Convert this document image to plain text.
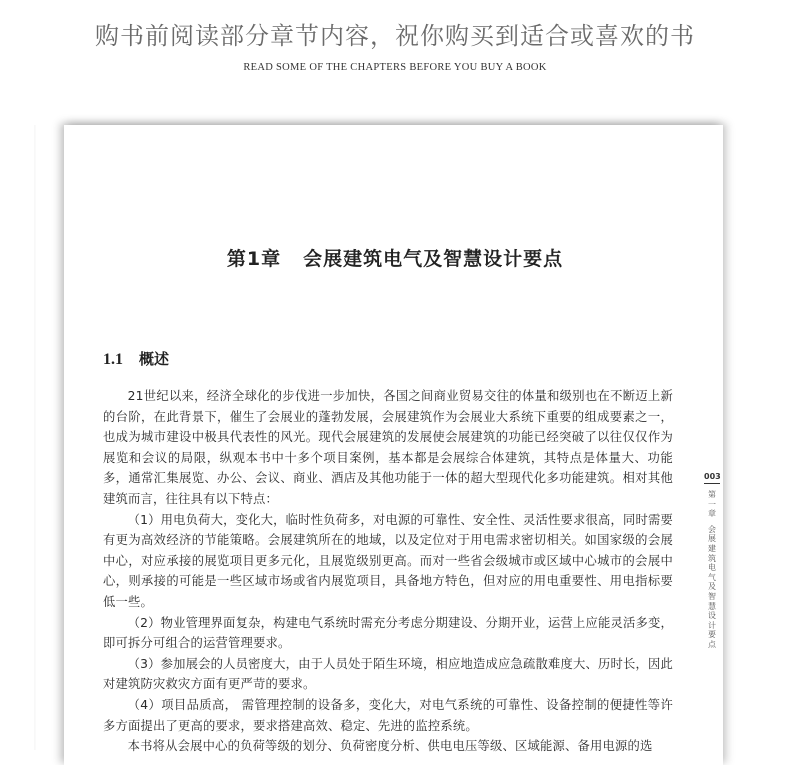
购书前阅读部分章节内容，祝你购买到适合或喜欢的书
READ SOME OF THE CHAPTERS BEFORE YOU BUY A BOOK
第1章 会展建筑电气及智慧设计要点
1.1 概述

21世纪以来，经济全球化的步伐进一步加快，各国之间商业贸易交往的体量和级别也在不断迈上新的台阶，在此背景下，催生了会展业的蓬勃发展，会展建筑作为会展业大系统下重要的组成要素之一，也成为城市建设中极具代表性的风光。现代会展建筑的发展使会展建筑的功能已经突破了以往仅仅作为展览和会议的局限，纵观本书中十多个项目案例，基本都是会展综合体建筑，其特点是体量大、功能多，通常汇集展览、办公、会议、商业、酒店及其他功能于一体的超大型现代化多功能建筑。相对其他建筑而言，往往具有以下特点：

（1）用电负荷大，变化大，临时性负荷多，对电源的可靠性、安全性、灵活性要求很高，同时需要有更为高效经济的节能策略。会展建筑所在的地域，以及定位对于用电需求密切相关。如国家级的会展中心，对应承接的展览项目更多元化，且展览级别更高。而对一些省会级城市或区域中心城市的会展中心，则承接的可能是一些区域市场或省内展览项目，具备地方特色，但对应的用电重要性、用电指标要低一些。

（2）物业管理界面复杂，构建电气系统时需充分考虑分期建设、分期开业，运营上应能灵活多变，即可拆分可组合的运营管理要求。

（3）参加展会的人员密度大，由于人员处于陌生环境，相应地造成应急疏散难度大、历时长，因此对建筑防灾救灾方面有更严苛的要求。

（4）项目品质高， 需管理控制的设备多，变化大，对电气系统的可靠性、设备控制的便捷性等许多方面提出了更高的要求，要求搭建高效、稳定、先进的监控系统。

本书将从会展中心的负荷等级的划分、负荷密度分析、供电电压等级、区域能源、备用电源的选

003
第一章
会展建筑电气及智慧设计要点
